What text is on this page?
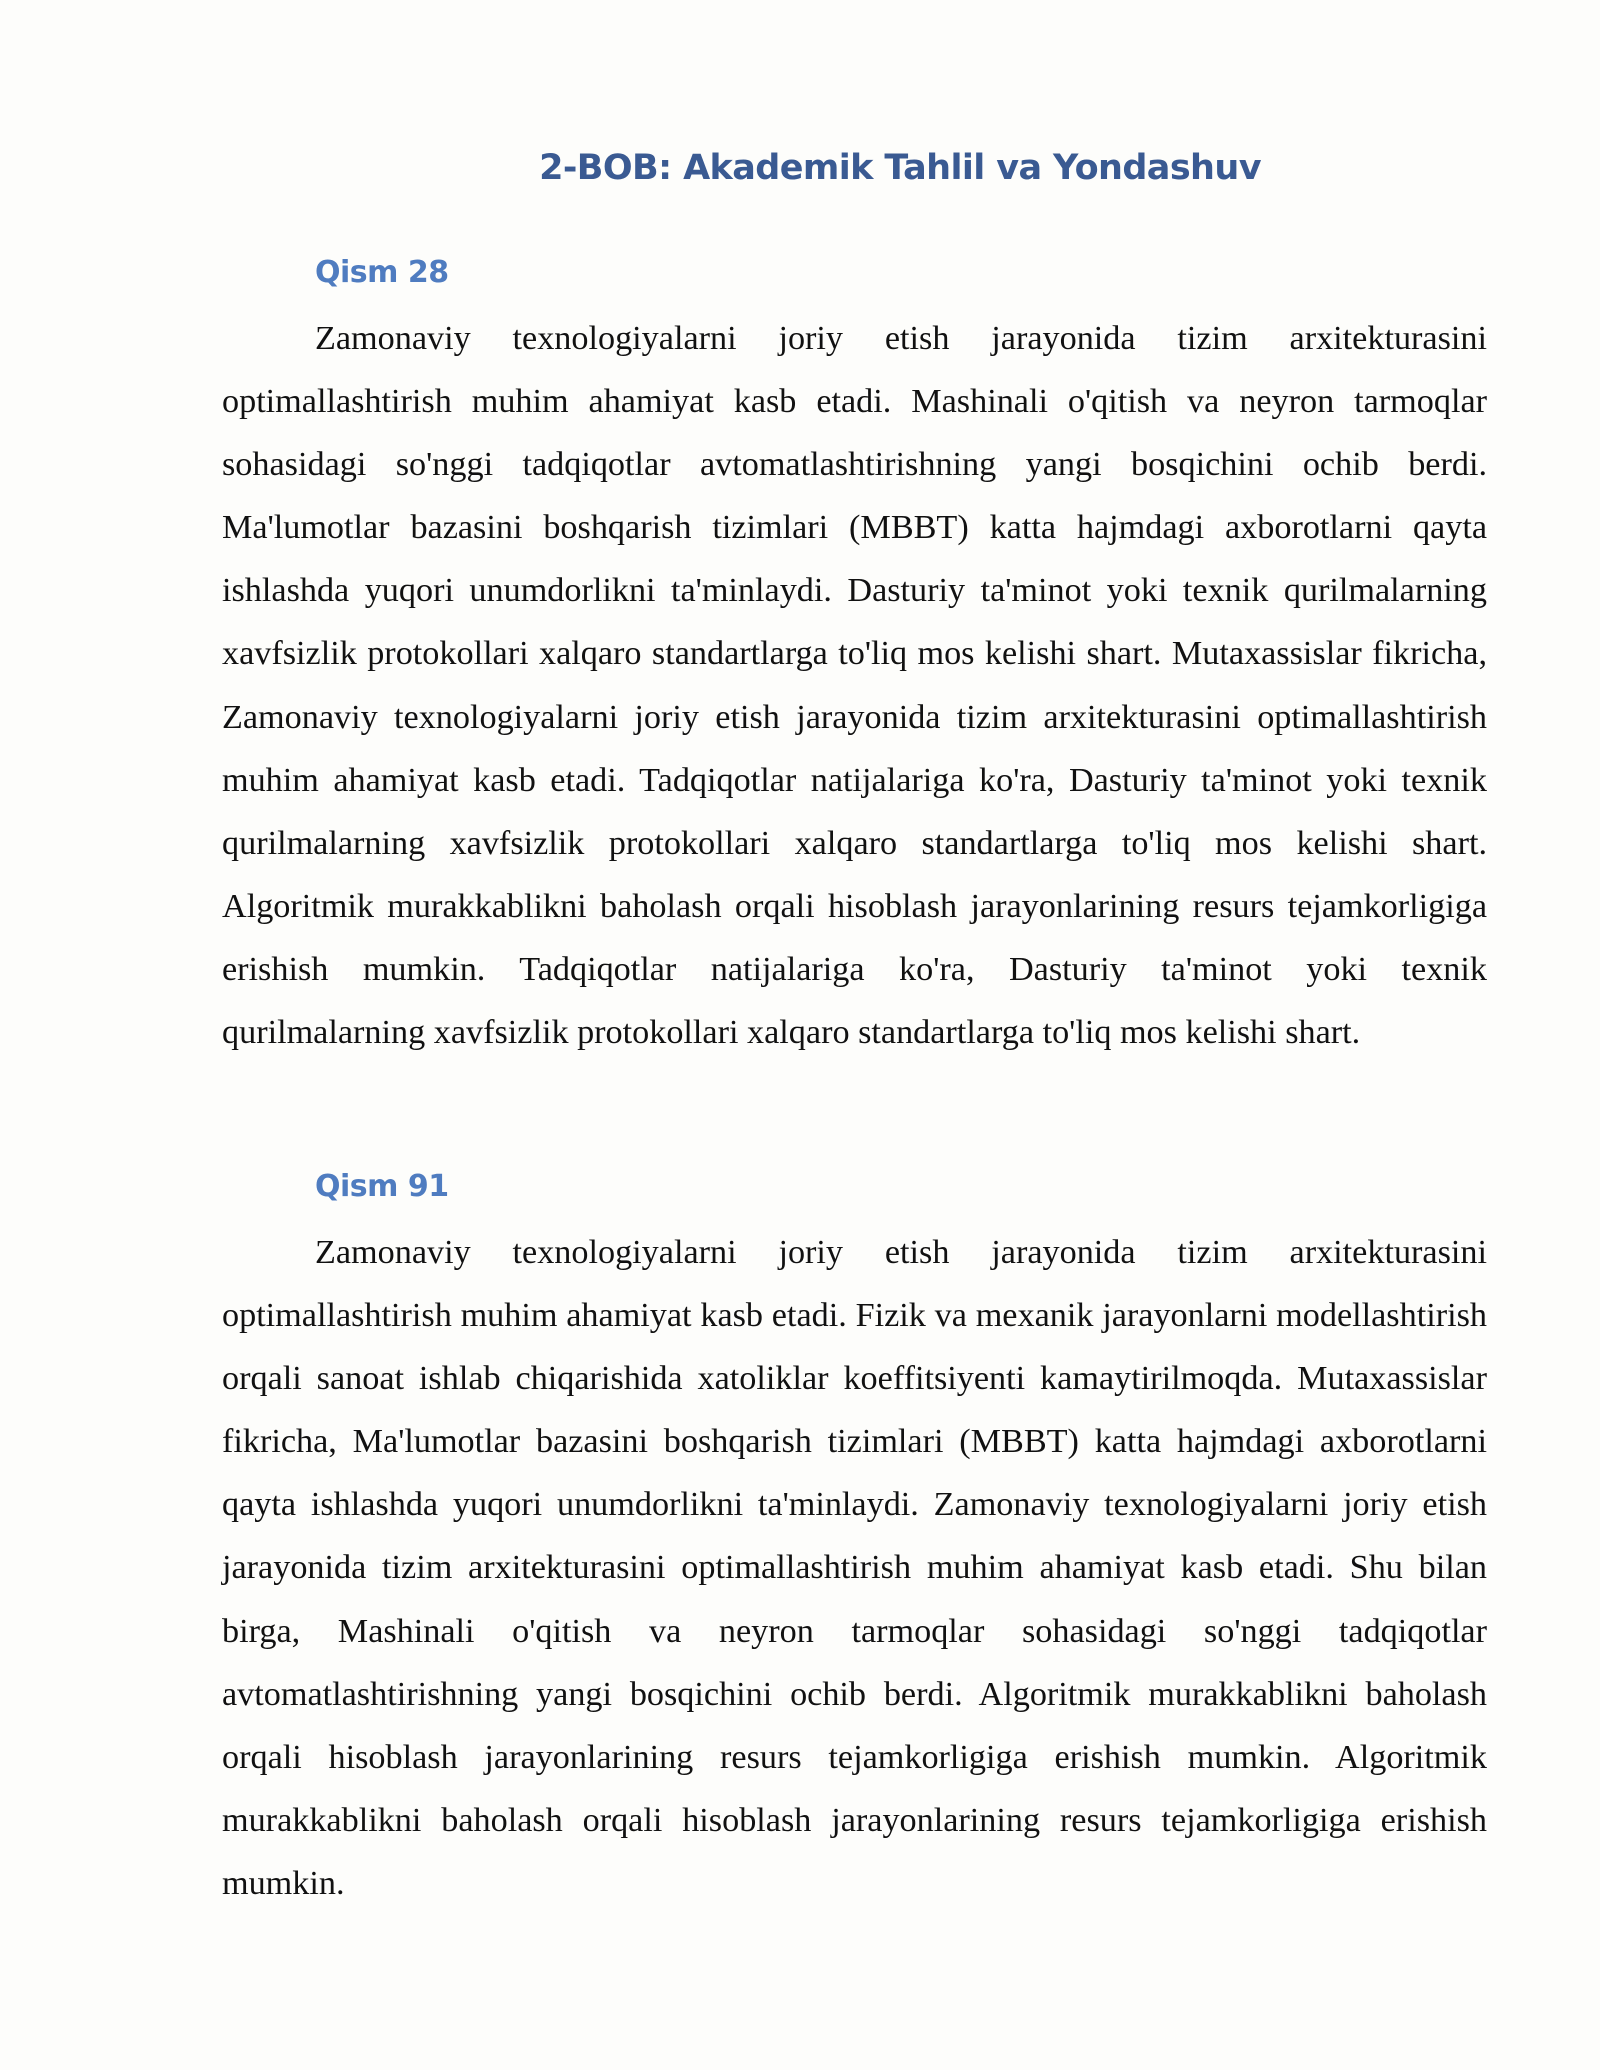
2-BOB: Akademik Tahlil va Yondashuv
Qism 28

Zamonaviy texnologiyalarni joriy etish jarayonida tizim arxitekturasini optimallashtirish muhim ahamiyat kasb etadi. Mashinali o'qitish va neyron tarmoqlar sohasidagi so'nggi tadqiqotlar avtomatlashtirishning yangi bosqichini ochib berdi. Ma'lumotlar bazasini boshqarish tizimlari (MBBT) katta hajmdagi axborotlarni qayta ishlashda yuqori unumdorlikni ta'minlaydi. Dasturiy ta'minot yoki texnik qurilmalarning xavfsizlik protokollari xalqaro standartlarga to'liq mos kelishi shart. Mutaxassislar fikricha, Zamonaviy texnologiyalarni joriy etish jarayonida tizim arxitekturasini optimallashtirish muhim ahamiyat kasb etadi. Tadqiqotlar natijalariga ko'ra, Dasturiy ta'minot yoki texnik qurilmalarning xavfsizlik protokollari xalqaro standartlarga to'liq mos kelishi shart. Algoritmik murakkablikni baholash orqali hisoblash jarayonlarining resurs tejamkorligiga erishish mumkin. Tadqiqotlar natijalariga ko'ra, Dasturiy ta'minot yoki texnik qurilmalarning xavfsizlik protokollari xalqaro standartlarga to'liq mos kelishi shart.

Qism 91

Zamonaviy texnologiyalarni joriy etish jarayonida tizim arxitekturasini optimallashtirish muhim ahamiyat kasb etadi. Fizik va mexanik jarayonlarni modellashtirish orqali sanoat ishlab chiqarishida xatoliklar koeffitsiyenti kamaytirilmoqda. Mutaxassislar fikricha, Ma'lumotlar bazasini boshqarish tizimlari (MBBT) katta hajmdagi axborotlarni qayta ishlashda yuqori unumdorlikni ta'minlaydi. Zamonaviy texnologiyalarni joriy etish jarayonida tizim arxitekturasini optimallashtirish muhim ahamiyat kasb etadi. Shu bilan birga, Mashinali o'qitish va neyron tarmoqlar sohasidagi so'nggi tadqiqotlar avtomatlashtirishning yangi bosqichini ochib berdi. Algoritmik murakkablikni baholash orqali hisoblash jarayonlarining resurs tejamkorligiga erishish mumkin. Algoritmik murakkablikni baholash orqali hisoblash jarayonlarining resurs tejamkorligiga erishish mumkin.
